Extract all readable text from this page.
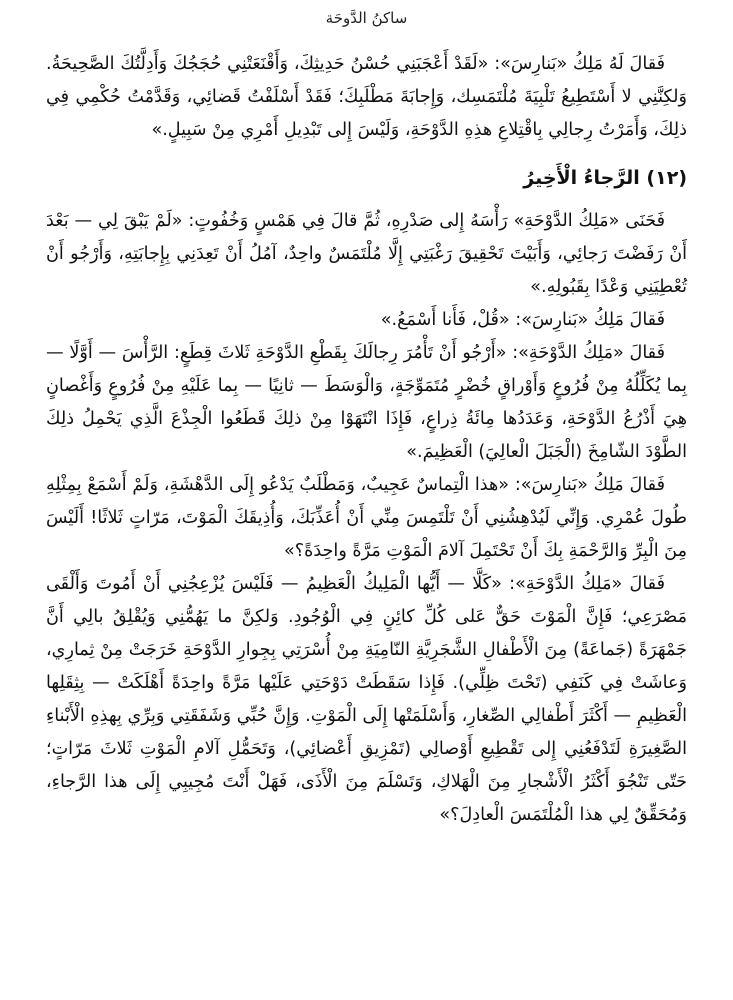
ساكنُ الدَّوحَة

فَقالَ لَهُ مَلِكُ «بَنارِسَ»: «لَقَدْ أَعْجَبَنِي حُسْنُ حَدِيثِكَ، وَأَقْنَعَتْنِي حُجَجُكَ وَأَدِلَّتُكَ الصَّحِيحَةُ. وَلكِنَّنِي لا أَسْتَطِيعُ تَلْبِيَةَ مُلْتَمَسِك، وَإِجابَةَ مَطْلَبِكَ؛ فَقَدْ أَسْلَفْتُ قَضائِي، وَقَدَّمْتُ حُكْمِي فِي ذلِكَ، وَأَمَرْتُ رِجالِي بِاقْتِلاعِ هذِهِ الدَّوْحَةِ، وَلَيْسَ إِلى تَبْدِيلِ أَمْرِي مِنْ سَبِيلٍ.»

(١٢) الرَّجاءُ الْأَخِيرُ

فَحَنَى «مَلِكُ الدَّوْحَةِ» رَأْسَهُ إِلى صَدْرِهِ، ثُمَّ قالَ فِي هَمْسٍ وَخُفُوتٍ: «لَمْ يَبْقَ لِي — بَعْدَ أَنْ رَفَضْتَ رَجائِي، وَأَبَيْتَ تَحْقِيقَ رَغْبَتِي إِلَّا مُلْتَمَسٌ واحِدٌ، آمُلُ أَنْ تَعِدَنِي بِإِجابَتِهِ، وَأَرْجُو أَنْ تُعْطِيَنِي وَعْدًا بِقَبُولِهِ.»

فَقالَ مَلِكُ «بَنارِسَ»: «قُلْ، فَأَنا أَسْمَعُ.»

فَقالَ «مَلِكُ الدَّوْحَةِ»: «أَرْجُو أَنْ تَأْمُرَ رِجالَكَ بِقَطْعِ الدَّوْحَةِ ثَلاثَ قِطَعٍ: الرَّأْسَ — أَوَّلًا — بِما يُكَلِّلُهُ مِنْ فُرُوعٍ وَأَوْراقٍ خُضْرٍ مُتَمَوِّجَةٍ، وَالْوَسَطَ — ثانِيًا — بِما عَلَيْهِ مِنْ فُرُوعٍ وَأَغْصانٍ هِيَ أَذْرُعُ الدَّوْحَةِ، وَعَدَدُها مِائَةُ ذِراعٍ، فَإِذَا انْتَهَوْا مِنْ ذلِكَ قَطَعُوا الْجِذْعَ الَّذِي يَحْمِلُ ذلِكَ الطَّوْدَ الشّامِخَ (الْجَبَلَ الْعالِيَ) الْعَظِيمَ.»

فَقالَ مَلِكُ «بَنارِسَ»: «هذا الْتِماسٌ عَجِيبٌ، وَمَطْلَبٌ يَدْعُو إِلَى الدَّهْشَةِ، وَلَمْ أَسْمَعْ بِمِثْلِهِ طُولَ عُمْرِي. وَإِنِّي لَيُدْهِشُنِي أَنْ تَلْتَمِسَ مِنِّي أَنْ أُعَذِّبَكَ، وَأُذِيقَكَ الْمَوْتَ، مَرّاتٍ ثَلاثًا! أَلَيْسَ مِنَ الْبِرِّ وَالرَّحْمَةِ بِكَ أَنْ تَحْتَمِلَ آلامَ الْمَوْتِ مَرَّةً واحِدَةً؟»

فَقالَ «مَلِكُ الدَّوْحَةِ»: «كَلَّا — أَيُّها الْمَلِيكُ الْعَظِيمُ — فَلَيْسَ يُزْعِجُنِي أَنْ أَمُوتَ وَأَلْقَى مَصْرَعِي؛ فَإِنَّ الْمَوْتَ حَقٌّ عَلى كُلِّ كائِنٍ فِي الْوُجُودِ. وَلكِنَّ ما يَهُمُّنِي وَيُقْلِقُ بالِي أَنَّ جَمْهَرَةً (جَماعَةً) مِنَ الْأَطْفالِ الشَّجَرِيَّةِ النّامِيَةِ مِنْ أُسْرَتِي بِجِوارِ الدَّوْحَةِ خَرَجَتْ مِنْ ثِمارِي، وَعاشَتْ فِي كَنَفِي (تَحْتَ ظِلِّي). فَإِذا سَقَطَتْ دَوْحَتِي عَلَيْها مَرَّةً واحِدَةً أَهْلَكَتْ — بِثِقَلِها الْعَظِيمِ — أَكْثَرَ أَطْفالِي الصِّغارِ، وَأَسْلَمَتْها إِلَى الْمَوْتِ. وَإِنَّ حُبِّي وَشَفَقَتِي وَبِرِّي بِهذِهِ الْأَبْناءِ الصَّغِيرَةِ لَتَدْفَعُنِي إِلى تَقْطِيعِ أَوْصالِي (تَمْزِيقِ أَعْضائِي)، وَتَحَمُّلِ آلامِ الْمَوْتِ ثَلاثَ مَرّاتٍ؛ حَتّى تَنْجُوَ أَكْثَرُ الْأَشْجارِ مِنَ الْهَلاكِ، وَتَسْلَمَ مِنَ الْأَذَى، فَهَلْ أَنْتَ مُجِيبِي إِلَى هذا الرَّجاءِ، وَمُحَقِّقٌ لِي هذا الْمُلْتَمَسَ الْعادِلَ؟»
